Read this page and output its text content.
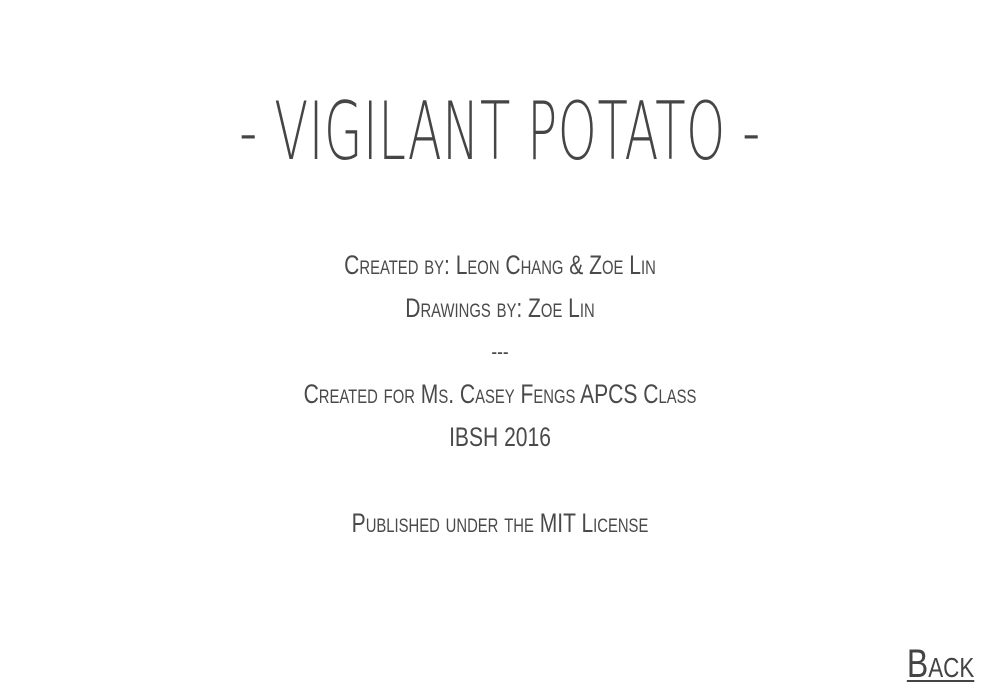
- VIGILANT POTATO -
Created by: Leon Chang & Zoe Lin
Drawings by: Zoe Lin
---
Created for Ms. Casey Fengs APCS Class
IBSH 2016
Published under the MIT License
Back
